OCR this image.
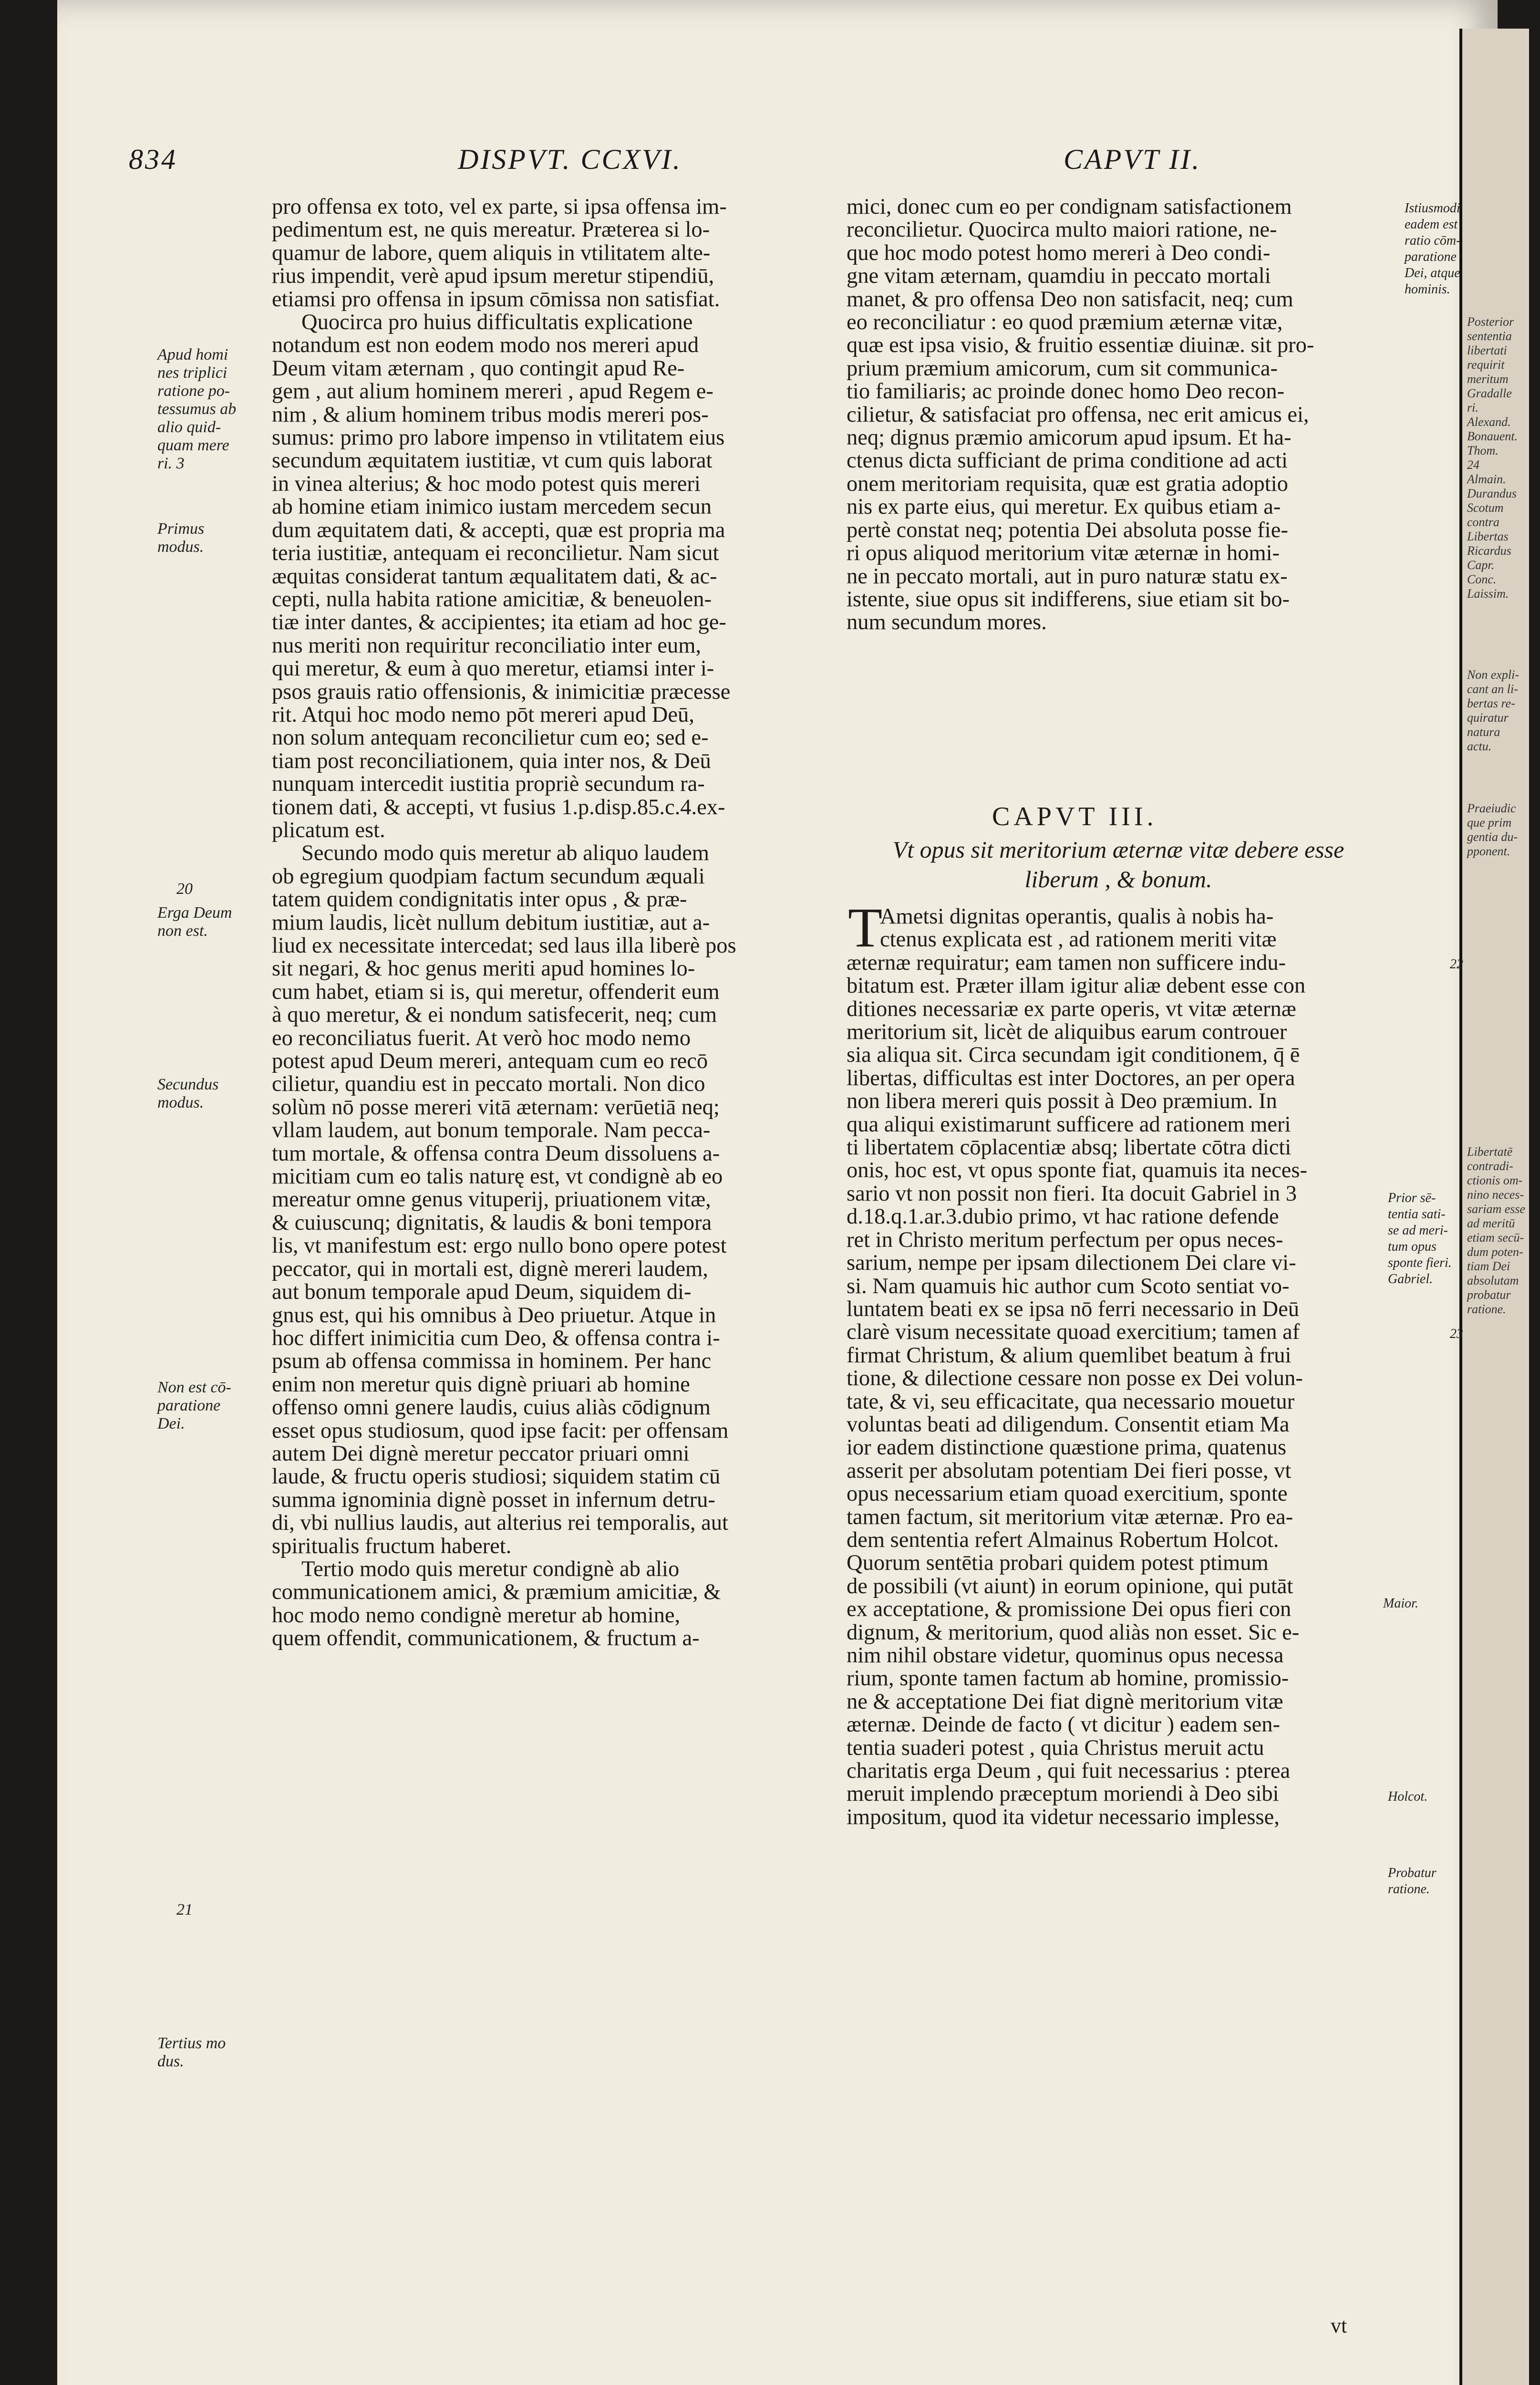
Posterior
sententia
libertati
requirit
meritum
Gradalle
ri.
Alexand.
Bonauent.
Thom.
24
Almain.
Durandus
Scotum
contra
Libertas
Ricardus
Capr.
Conc.
Laissim.
Non expli-
cant an li-
bertas re-
quiratur
natura
actu.
Praeiudic
que prim
gentia du-
pponent.
Libertatē
contradi-
ctionis om-
nino neces-
sariam esse
ad meritū
etiam secū-
dum poten-
tiam Dei
absolutam
probatur
ratione.
834	DISPVT. CCXVI.	CAPVT II.
pro offensa ex toto, vel ex parte, si ipsa offensa im-
pedimentum est, ne quis mereatur. Præterea si lo-
quamur de labore, quem aliquis in vtilitatem alte-
rius impendit, verè apud ipsum meretur stipendiū,
etiamsi pro offensa in ipsum cōmissa non satisfiat.
Quocirca pro huius difficultatis explicatione
notandum est non eodem modo nos mereri apud
Deum vitam æternam , quo contingit apud Re-
gem , aut alium hominem mereri , apud Regem e-
nim , & alium hominem tribus modis mereri pos-
sumus: primo pro labore impenso in vtilitatem eius
secundum æquitatem iustitiæ, vt cum quis laborat
in vinea alterius; & hoc modo potest quis mereri
ab homine etiam inimico iustam mercedem secun
dum æquitatem dati, & accepti, quæ est propria ma
teria iustitiæ, antequam ei reconcilietur. Nam sicut
æquitas considerat tantum æqualitatem dati, & ac-
cepti, nulla habita ratione amicitiæ, & beneuolen-
tiæ inter dantes, & accipientes; ita etiam ad hoc ge-
nus meriti non requiritur reconciliatio inter eum,
qui meretur, & eum à quo meretur, etiamsi inter i-
psos grauis ratio offensionis, & inimicitiæ præcesse
rit. Atqui hoc modo nemo pōt mereri apud Deū,
non solum antequam reconcilietur cum eo; sed e-
tiam post reconciliationem, quia inter nos, & Deū
nunquam intercedit iustitia propriè secundum ra-
tionem dati, & accepti, vt fusius 1.p.disp.85.c.4.ex-
plicatum est.
Secundo modo quis meretur ab aliquo laudem
ob egregium quodpiam factum secundum æquali
tatem quidem condignitatis inter opus , & præ-
mium laudis, licèt nullum debitum iustitiæ, aut a-
liud ex necessitate intercedat; sed laus illa liberè pos
sit negari, & hoc genus meriti apud homines lo-
cum habet, etiam si is, qui meretur, offenderit eum
à quo meretur, & ei nondum satisfecerit, neq; cum
eo reconciliatus fuerit. At verò hoc modo nemo
potest apud Deum mereri, antequam cum eo recō
cilietur, quandiu est in peccato mortali. Non dico
solùm nō posse mereri vitā æternam: verūetiā neq;
vllam laudem, aut bonum temporale. Nam pecca-
tum mortale, & offensa contra Deum dissoluens a-
micitiam cum eo talis naturę est, vt condignè ab eo
mereatur omne genus vituperij, priuationem vitæ,
& cuiuscunq; dignitatis, & laudis & boni tempora
lis, vt manifestum est: ergo nullo bono opere potest
peccator, qui in mortali est, dignè mereri laudem,
aut bonum temporale apud Deum, siquidem di-
gnus est, qui his omnibus à Deo priuetur. Atque in
hoc differt inimicitia cum Deo, & offensa contra i-
psum ab offensa commissa in hominem. Per hanc
enim non meretur quis dignè priuari ab homine
offenso omni genere laudis, cuius aliàs cōdignum
esset opus studiosum, quod ipse facit: per offensam
autem Dei dignè meretur peccator priuari omni
laude, & fructu operis studiosi; siquidem statim cū
summa ignominia dignè posset in infernum detru-
di, vbi nullius laudis, aut alterius rei temporalis, aut
spiritualis fructum haberet.
Tertio modo quis meretur condignè ab alio
communicationem amici, & præmium amicitiæ, &
hoc modo nemo condignè meretur ab homine,
quem offendit, communicationem, & fructum a-
mici, donec cum eo per condignam satisfactionem
reconcilietur. Quocirca multo maiori ratione, ne-
que hoc modo potest homo mereri à Deo condi-
gne vitam æternam, quamdiu in peccato mortali
manet, & pro offensa Deo non satisfacit, neq; cum
eo reconciliatur : eo quod præmium æternæ vitæ,
quæ est ipsa visio, & fruitio essentiæ diuinæ. sit pro-
prium præmium amicorum, cum sit communica-
tio familiaris; ac proinde donec homo Deo recon-
cilietur, & satisfaciat pro offensa, nec erit amicus ei,
neq; dignus præmio amicorum apud ipsum. Et ha-
ctenus dicta sufficiant de prima conditione ad acti
onem meritoriam requisita, quæ est gratia adoptio
nis ex parte eius, qui meretur. Ex quibus etiam a-
pertè constat neq; potentia Dei absoluta posse fie-
ri opus aliquod meritorium vitæ æternæ in homi-
ne in peccato mortali, aut in puro naturæ statu ex-
istente, siue opus sit indifferens, siue etiam sit bo-
num secundum mores.
CAPVT III.
Vt opus sit meritorium æternæ vitæ debere esse
liberum , & bonum.
T
Ametsi dignitas operantis, qualis à nobis ha-
ctenus explicata est , ad rationem meriti vitæ
æternæ requiratur; eam tamen non sufficere indu-
bitatum est. Præter illam igitur aliæ debent esse con
ditiones necessariæ ex parte operis, vt vitæ æternæ
meritorium sit, licèt de aliquibus earum controuer
sia aliqua sit. Circa secundam igit conditionem, q̄ ē
libertas, difficultas est inter Doctores, an per opera
non libera mereri quis possit à Deo præmium. In
qua aliqui existimarunt sufficere ad rationem meri
ti libertatem cōplacentiæ absq; libertate cōtra dicti
onis, hoc est, vt opus sponte fiat, quamuis ita neces-
sario vt non possit non fieri. Ita docuit Gabriel in 3
d.18.q.1.ar.3.dubio primo, vt hac ratione defende
ret in Christo meritum perfectum per opus neces-
sarium, nempe per ipsam dilectionem Dei clare vi-
si. Nam quamuis hic author cum Scoto sentiat vo-
luntatem beati ex se ipsa nō ferri necessario in Deū
clarè visum necessitate quoad exercitium; tamen af
firmat Christum, & alium quemlibet beatum à frui
tione, & dilectione cessare non posse ex Dei volun-
tate, & vi, seu efficacitate, qua necessario mouetur
voluntas beati ad diligendum. Consentit etiam Ma
ior eadem distinctione quæstione prima, quatenus
asserit per absolutam potentiam Dei fieri posse, vt
opus necessarium etiam quoad exercitium, sponte
tamen factum, sit meritorium vitæ æternæ. Pro ea-
dem sententia refert Almainus Robertum Holcot.
Quorum sentētia probari quidem potest ptimum
de possibili (vt aiunt) in eorum opinione, qui putāt
ex acceptatione, & promissione Dei opus fieri con
dignum, & meritorium, quod aliàs non esset. Sic e-
nim nihil obstare videtur, quominus opus necessa
rium, sponte tamen factum ab homine, promissio-
ne & acceptatione Dei fiat dignè meritorium vitæ
æternæ. Deinde de facto ( vt dicitur ) eadem sen-
tentia suaderi potest , quia Christus meruit actu
charitatis erga Deum , qui fuit necessarius : pterea
meruit implendo præceptum moriendi à Deo sibi
impositum, quod ita videtur necessario implesse,
vt
Apud homi
nes triplici
ratione po-
tessumus ab
alio quid-
quam mere
ri. 3
Primus
modus.
20
Erga Deum
non est.
Secundus
modus.
Non est cō-
paratione
Dei.
21
Tertius mo
dus.
Istiusmodi
eadem est
ratio cōm-
paratione
Dei, atque
hominis.
22
Prior sē-
tentia sati-
se ad meri-
tum opus
sponte fieri.
Gabriel.
23
Maior.
Holcot.
Probatur
ratione.
